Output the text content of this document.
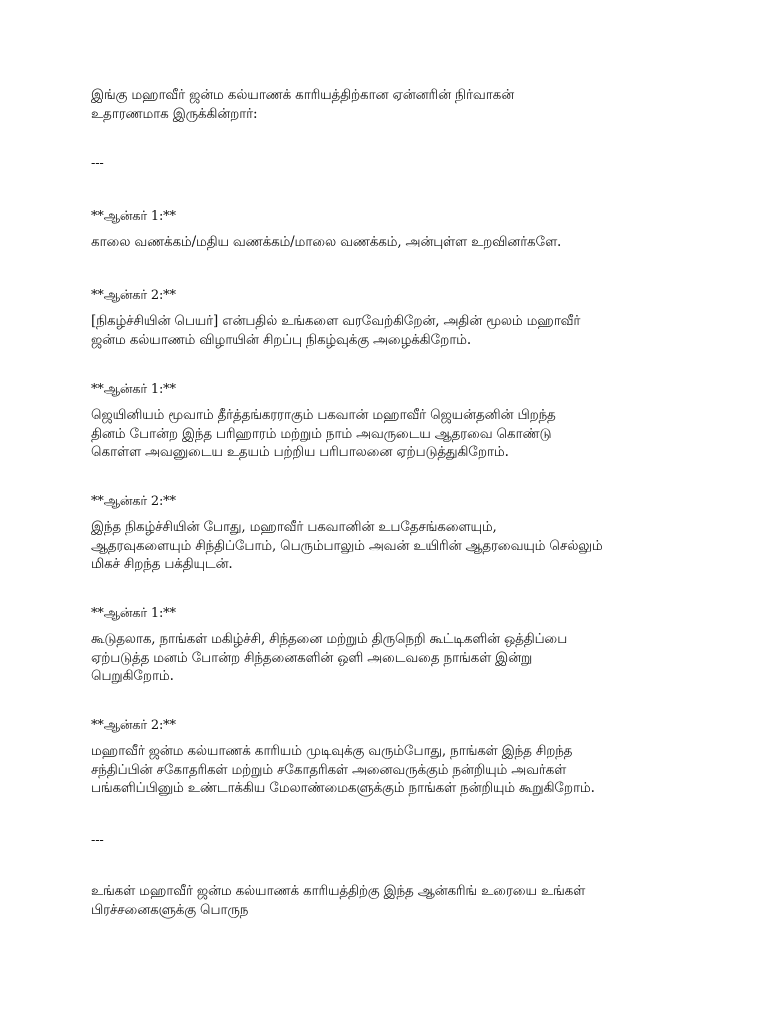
இங்கு மஹாவீர் ஜன்ம கல்யாணக் காரியத்திற்கான ஏன்னரின் நிர்வாகன்
உதாரணமாக இருக்கின்றார்:
---
**ஆன்கர் 1:**
காலை வணக்கம்/மதிய வணக்கம்/மாலை வணக்கம், அன்புள்ள உறவினர்களே.
**ஆன்கர் 2:**
[நிகழ்ச்சியின் பெயர்] என்பதில் உங்களை வரவேற்கிறேன், அதின் மூலம் மஹாவீர்
ஜன்ம கல்யாணம் விழாயின் சிறப்பு நிகழ்வுக்கு அழைக்கிறோம்.
**ஆன்கர் 1:**
ஜெயினியம் மூவாம் தீர்த்தங்கரராகும் பகவான் மஹாவீர் ஜெயன்தனின் பிறந்த
தினம் போன்ற இந்த பரிஹாரம் மற்றும் நாம் அவருடைய ஆதரவை கொண்டு
கொள்ள அவனுடைய உதயம் பற்றிய பரிபாலனை ஏற்படுத்துகிறோம்.
**ஆன்கர் 2:**
இந்த நிகழ்ச்சியின் போது, மஹாவீர் பகவானின் உபதேசங்களையும்,
ஆதரவுகளையும் சிந்திப்போம், பெரும்பாலும் அவன் உயிரின் ஆதரவையும் செல்லும்
மிகச் சிறந்த பக்தியுடன்.
**ஆன்கர் 1:**
கூடுதலாக, நாங்கள் மகிழ்ச்சி, சிந்தனை மற்றும் திருநெறி கூட்டிகளின் ஒத்திப்பை
ஏற்படுத்த மனம் போன்ற சிந்தனைகளின் ஒளி அடைவதை நாங்கள் இன்று
பெறுகிறோம்.
**ஆன்கர் 2:**
மஹாவீர் ஜன்ம கல்யாணக் காரியம் முடிவுக்கு வரும்போது, நாங்கள் இந்த சிறந்த
சந்திப்பின் சகோதரிகள் மற்றும் சகோதரிகள் அனைவருக்கும் நன்றியும் அவர்கள்
பங்களிப்பினும் உண்டாக்கிய மேலாண்மைகளுக்கும் நாங்கள் நன்றியும் கூறுகிறோம்.
---
உங்கள் மஹாவீர் ஜன்ம கல்யாணக் காரியத்திற்கு இந்த ஆன்கரிங் உரையை உங்கள்
பிரச்சனைகளுக்கு பொருந
